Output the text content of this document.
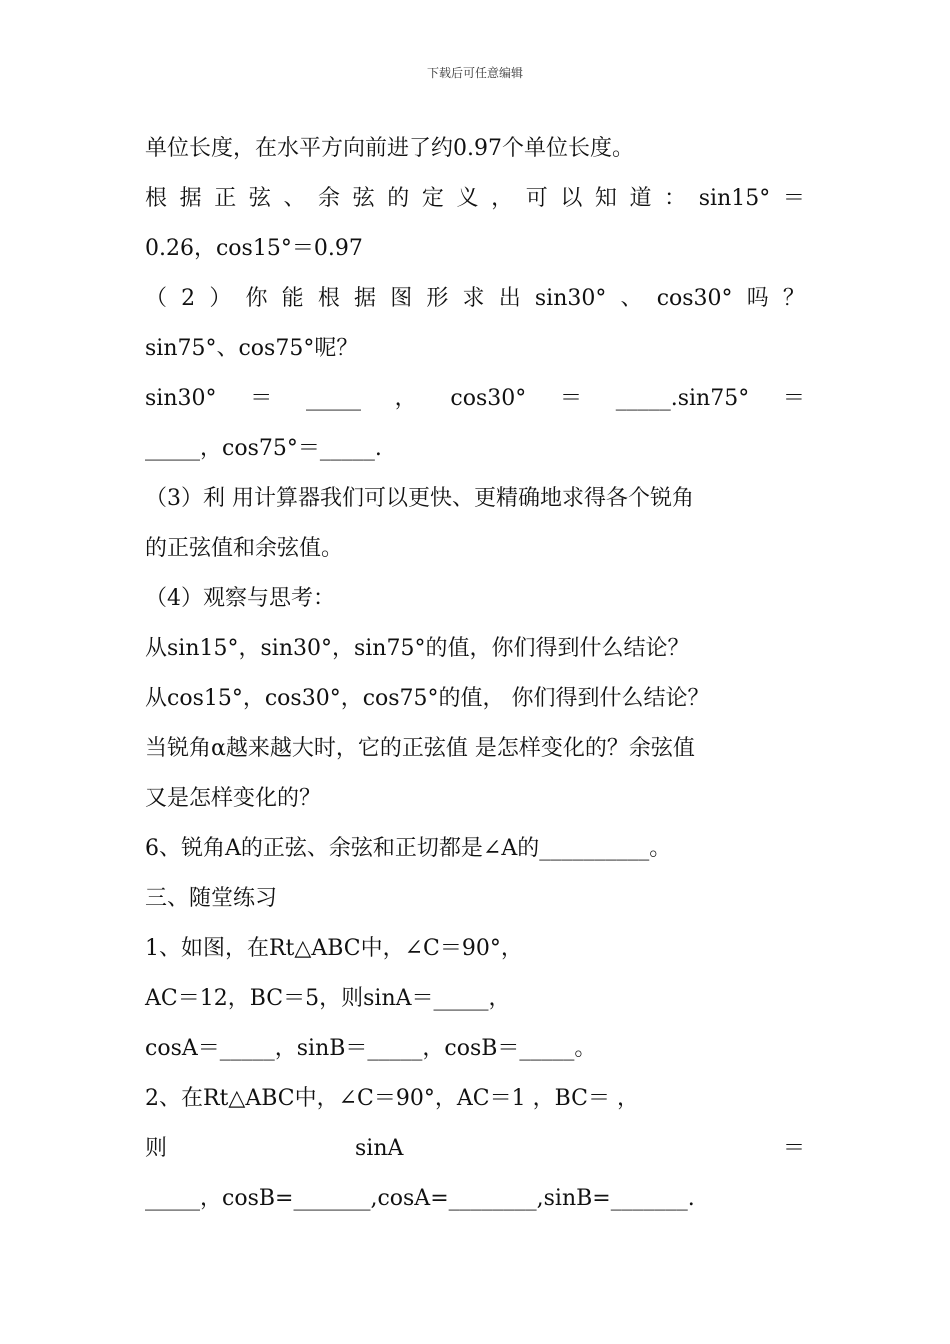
下载后可任意编辑
单位长度，在水平方向前进了约0.97个单位长度。
根 据 正 弦 、 余 弦 的 定 义 ， 可 以 知 道 ： sin15° ＝
0.26，cos15°＝0.97
（ 2 ） 你 能 根 据 图 形 求 出 sin30° 、 cos30° 吗 ？
sin75°、cos75°呢？
sin30° ＝ _____ ， cos30° ＝ _____.sin75° ＝
_____，cos75°＝_____.
（3）利 用计算器我们可以更快、更精确地求得各个锐角
的正弦值和余弦值。
（4）观察与思考：
从sin15°，sin30°，sin75°的值，你们得到什么结论？
从cos15°，cos30°，cos75°的值， 你们得到什么结论？
当锐角α越来越大时，它的正弦值 是怎样变化的？余弦值
又是怎样变化的？
6、锐角A的正弦、余弦和正切都是∠A的__________。
三、随堂练习
1、如图，在Rt△ABC中，∠C＝90°，
AC＝12，BC＝5，则sinA＝_____，
cosA＝_____，sinB＝_____，cosB＝_____。
2、在Rt△ABC中，∠C＝90°，AC＝1 ，BC＝ ，
则	sinA	＝
_____，cosB=_______,cosA=________,sinB=_______.
